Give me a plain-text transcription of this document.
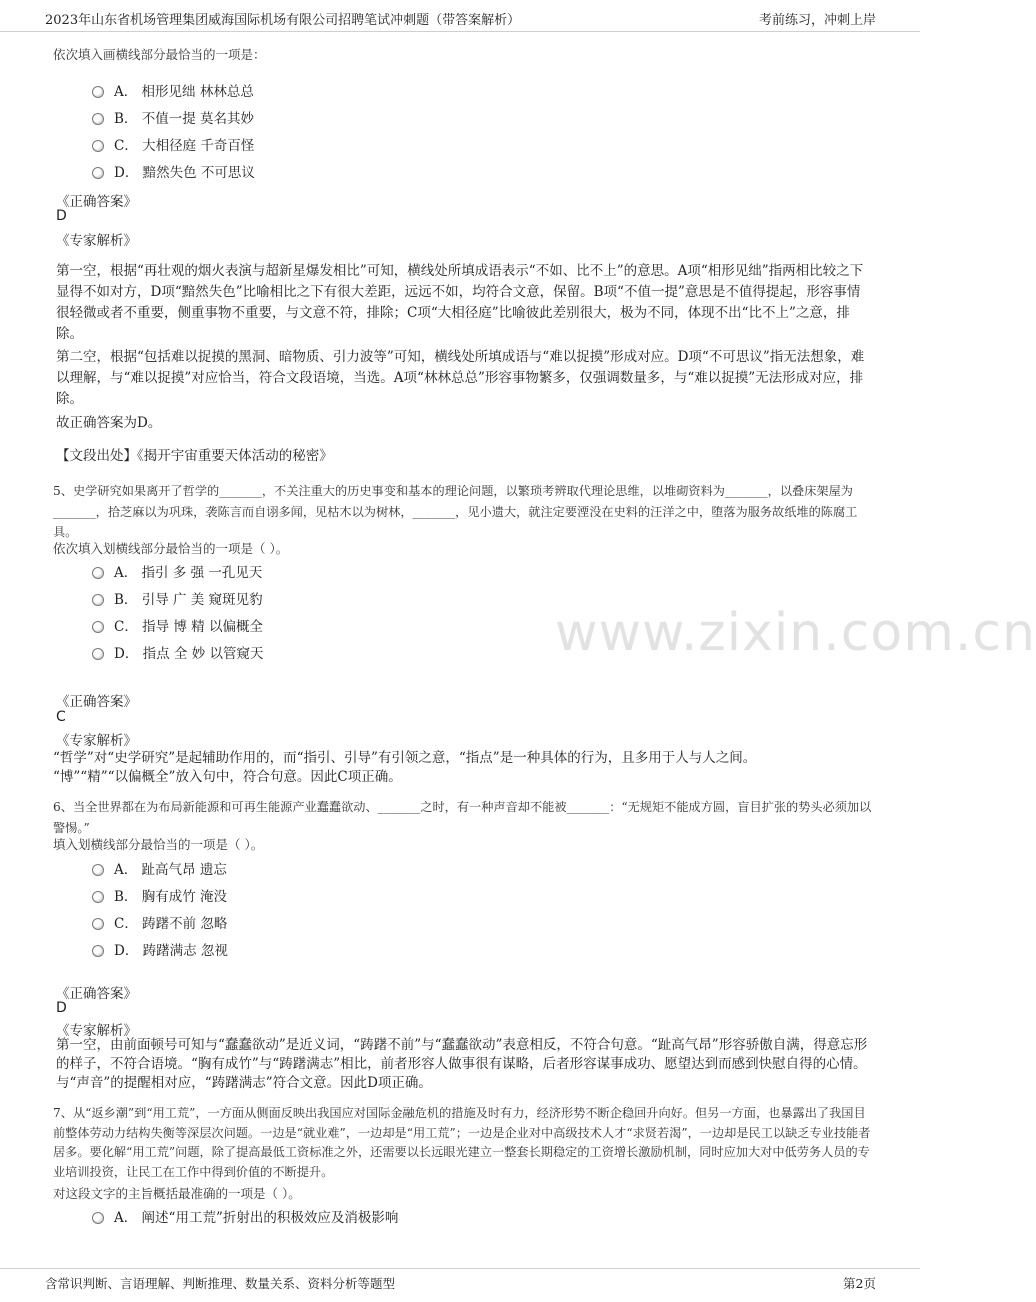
2023年山东省机场管理集团威海国际机场有限公司招聘笔试冲刺题（带答案解析）	考前练习，冲刺上岸
依次填入画横线部分最恰当的一项是：
A． 相形见绌 林林总总
B． 不值一提 莫名其妙
C． 大相径庭 千奇百怪
D． 黯然失色 不可思议
《正确答案》
D
《专家解析》
第一空，根据“再壮观的烟火表演与超新星爆发相比”可知，横线处所填成语表示“不如、比不上”的意思。A项“相形见绌”指两相比较之下显得不如对方，D项“黯然失色”比喻相比之下有很大差距，远远不如，均符合文意，保留。B项“不值一提”意思是不值得提起，形容事情很轻微或者不重要，侧重事物不重要，与文意不符，排除；C项“大相径庭”比喻彼此差别很大，极为不同，体现不出“比不上”之意，排除。
第二空，根据“包括难以捉摸的黑洞、暗物质、引力波等”可知，横线处所填成语与“难以捉摸”形成对应。D项“不可思议”指无法想象，难以理解，与“难以捉摸”对应恰当，符合文段语境，当选。A项“林林总总”形容事物繁多，仅强调数量多，与“难以捉摸”无法形成对应，排除。
故正确答案为D。
【文段出处】《揭开宇宙重要天体活动的秘密》
5、史学研究如果离开了哲学的_______，不关注重大的历史事变和基本的理论问题，以繁琐考辨取代理论思维，以堆砌资料为_______，以叠床架屋为_______，拾芝麻以为巩珠，袭陈言而自诩多闻，见枯木以为树林，_______，见小遗大，就注定要湮没在史料的汪洋之中，堕落为服务故纸堆的陈腐工具。
依次填入划横线部分最恰当的一项是（ ）。
A． 指引 多 强 一孔见天
B． 引导 广 美 窥斑见豹
C． 指导 博 精 以偏概全
D． 指点 全 妙 以管窥天	www.zixin.com.cn
《正确答案》
C
《专家解析》
“哲学”对“史学研究”是起辅助作用的，而“指引、引导”有引领之意，“指点”是一种具体的行为，且多用于人与人之间。
“博”“精”“以偏概全”放入句中，符合句意。因此C项正确。
6、当全世界都在为布局新能源和可再生能源产业蠢蠢欲动、_______之时，有一种声音却不能被_______：“无规矩不能成方圆，盲目扩张的势头必须加以警惕。”
填入划横线部分最恰当的一项是（ ）。
A． 趾高气昂 遗忘
B． 胸有成竹 淹没
C． 踌躇不前 忽略
D． 踌躇满志 忽视
《正确答案》
D
《专家解析》
第一空，由前面顿号可知与“蠢蠢欲动”是近义词，“踌躇不前”与“蠢蠢欲动”表意相反，不符合句意。“趾高气昂”形容骄傲自满，得意忘形的样子，不符合语境。“胸有成竹”与“踌躇满志”相比，前者形容人做事很有谋略，后者形容谋事成功、愿望达到而感到快慰自得的心情。与“声音”的提醒相对应，“踌躇满志”符合文意。因此D项正确。
7、从“返乡潮”到“用工荒”，一方面从侧面反映出我国应对国际金融危机的措施及时有力，经济形势不断企稳回升向好。但另一方面，也暴露出了我国目前整体劳动力结构失衡等深层次问题。一边是“就业难”，一边却是“用工荒”；一边是企业对中高级技术人才“求贤若渴”，一边却是民工以缺乏专业技能者居多。要化解“用工荒”问题，除了提高最低工资标准之外，还需要以长远眼光建立一整套长期稳定的工资增长激励机制，同时应加大对中低劳务人员的专业培训投资，让民工在工作中得到价值的不断提升。
对这段文字的主旨概括最准确的一项是（ ）。
A． 阐述“用工荒”折射出的积极效应及消极影响
含常识判断、言语理解、判断推理、数量关系、资料分析等题型	第2页
